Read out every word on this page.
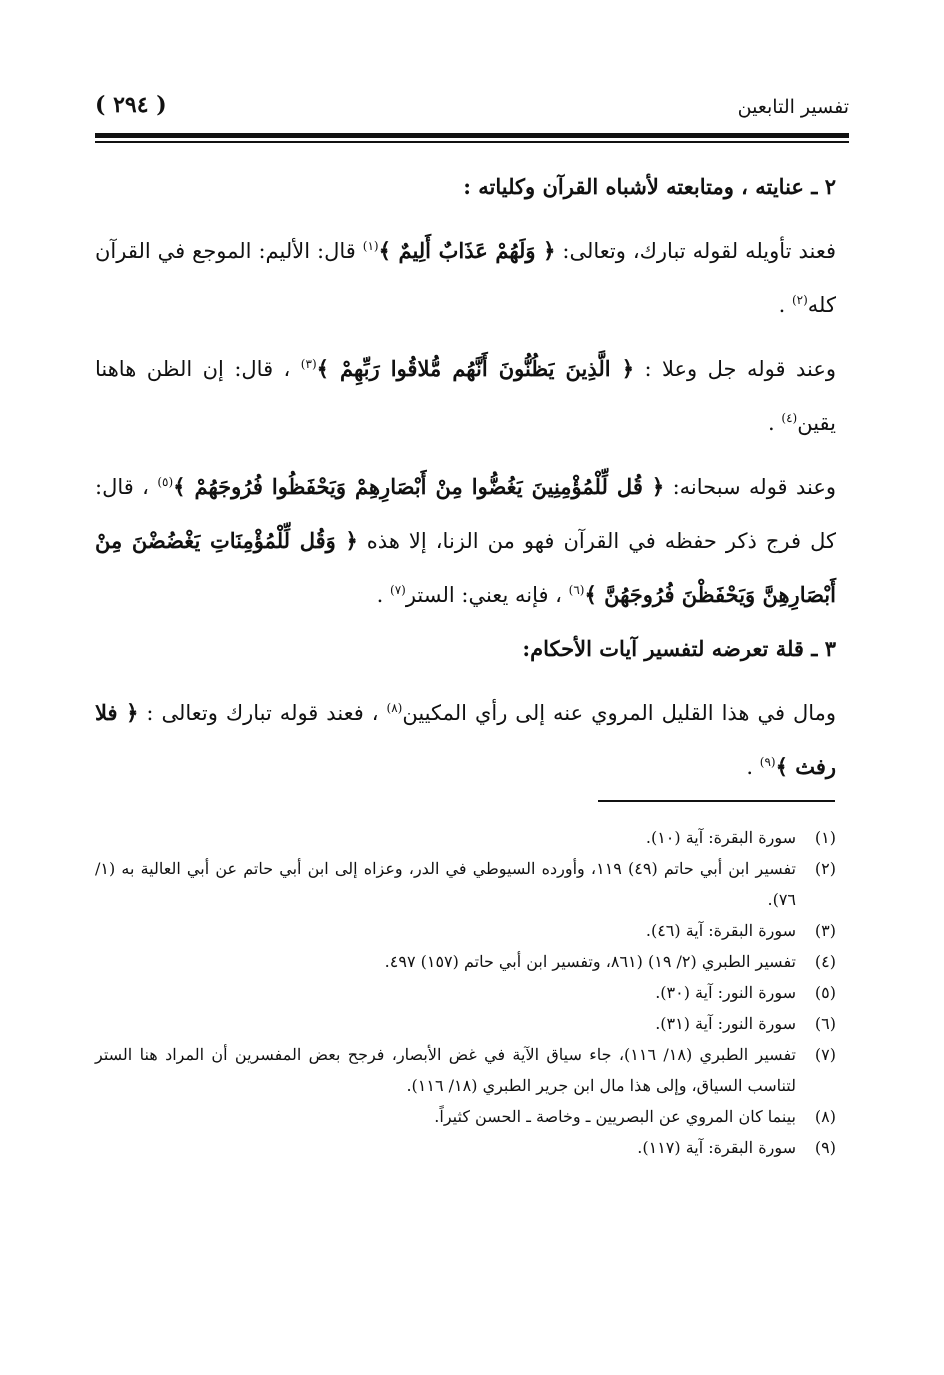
تفسير التابعين
( ٢٩٤ )

٢ ـ عنايته ، ومتابعته لأشباه القرآن وكلياته :

فعند تأويله لقوله تبارك، وتعالى: ﴿ وَلَهُمْ عَذَابٌ أَلِيمٌ ﴾$^{(١)}$ قال: الأليم: الموجع في القرآن كله$^{(٢)}$ .

وعند قوله جل وعلا : ﴿ الَّذِينَ يَظُنُّونَ أَنَّهُم مُّلاقُوا رَبِّهِمْ ﴾$^{(٣)}$ ، قال: إن الظن هاهنا يقين$^{(٤)}$ .

وعند قوله سبحانه: ﴿ قُل لِّلْمُؤْمِنِينَ يَغُضُّوا مِنْ أَبْصَارِهِمْ وَيَحْفَظُوا فُرُوجَهُمْ ﴾$^{(٥)}$ ، قال: كل فرج ذكر حفظه في القرآن فهو من الزنا، إلا هذه ﴿ وَقُل لِّلْمُؤْمِنَاتِ يَغْضُضْنَ مِنْ أَبْصَارِهِنَّ وَيَحْفَظْنَ فُرُوجَهُنَّ ﴾$^{(٦)}$ ، فإنه يعني: الستر$^{(٧)}$ .

٣ ـ قلة تعرضه لتفسير آيات الأحكام:

ومال في هذا القليل المروي عنه إلى رأي المكيين$^{(٨)}$ ، فعند قوله تبارك وتعالى : ﴿ فلا رفث ﴾$^{(٩)}$ .

(١)
سورة البقرة: آية (١٠).
(٢)
تفسير ابن أبي حاتم (٤٩) ١١٩، وأورده السيوطي في الدر، وعزاه إلى ابن أبي حاتم عن أبي العالية به (١/ ٧٦).
(٣)
سورة البقرة: آية (٤٦).
(٤)
تفسير الطبري (٢/ ١٩) (٨٦١، وتفسير ابن أبي حاتم (١٥٧) ٤٩٧.
(٥)
سورة النور: آية (٣٠).
(٦)
سورة النور: آية (٣١).
(٧)
تفسير الطبري (١٨/ ١١٦)، جاء سياق الآية في غض الأبصار، فرجح بعض المفسرين أن المراد هنا الستر لتناسب السياق، وإلى هذا مال ابن جرير الطبري (١٨/ ١١٦).
(٨)
بينما كان المروي عن البصريين ـ وخاصة ـ الحسن كثيراً.
(٩)
سورة البقرة: آية (١١٧).
